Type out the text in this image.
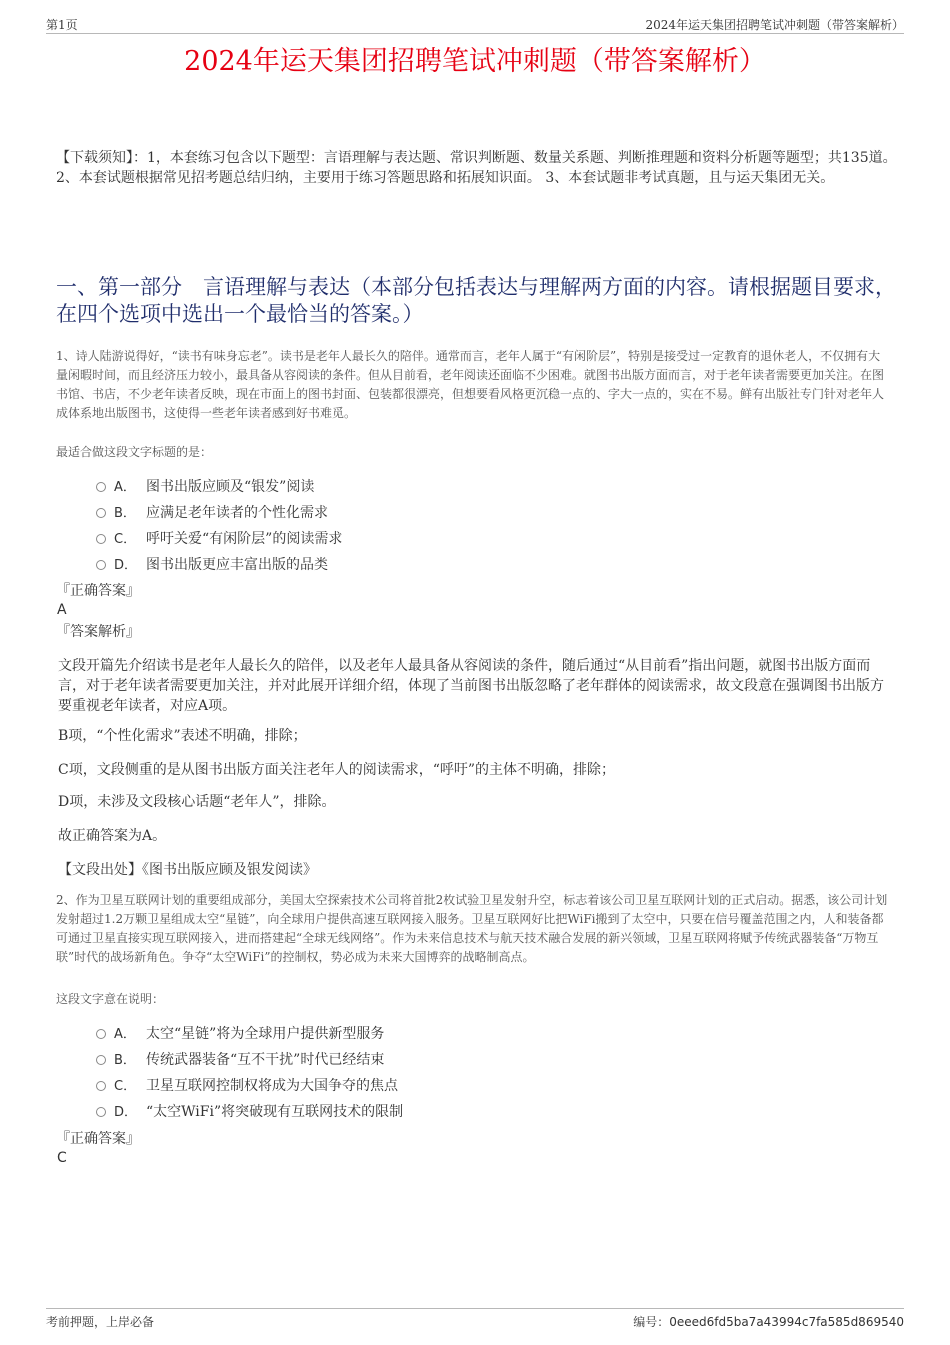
第1页	2024年运天集团招聘笔试冲刺题（带答案解析）
2024年运天集团招聘笔试冲刺题（带答案解析）
【下载须知】：1，本套练习包含以下题型：言语理解与表达题、常识判断题、数量关系题、判断推理题和资料分析题等题型；共135道。 2、本套试题根据常见招考题总结归纳，主要用于练习答题思路和拓展知识面。 3、本套试题非考试真题，且与运天集团无关。
一、第一部分　言语理解与表达（本部分包括表达与理解两方面的内容。请根据题目要求，在四个选项中选出一个最恰当的答案。）
1、诗人陆游说得好，“读书有味身忘老”。读书是老年人最长久的陪伴。通常而言，老年人属于“有闲阶层”，特别是接受过一定教育的退休老人，不仅拥有大量闲暇时间，而且经济压力较小，最具备从容阅读的条件。但从目前看，老年阅读还面临不少困难。就图书出版方面而言，对于老年读者需要更加关注。在图书馆、书店，不少老年读者反映，现在市面上的图书封面、包装都很漂亮，但想要看风格更沉稳一点的、字大一点的，实在不易。鲜有出版社专门针对老年人成体系地出版图书，这使得一些老年读者感到好书难觅。
最适合做这段文字标题的是：
A． 图书出版应顾及“银发”阅读
B． 应满足老年读者的个性化需求
C． 呼吁关爱“有闲阶层”的阅读需求
D． 图书出版更应丰富出版的品类
『正确答案』
A
『答案解析』
文段开篇先介绍读书是老年人最长久的陪伴，以及老年人最具备从容阅读的条件，随后通过“从目前看”指出问题，就图书出版方面而言，对于老年读者需要更加关注，并对此展开详细介绍，体现了当前图书出版忽略了老年群体的阅读需求，故文段意在强调图书出版方要重视老年读者，对应A项。
B项，“个性化需求”表述不明确，排除；
C项，文段侧重的是从图书出版方面关注老年人的阅读需求，“呼吁”的主体不明确，排除；
D项，未涉及文段核心话题“老年人”，排除。
故正确答案为A。
【文段出处】《图书出版应顾及银发阅读》
2、作为卫星互联网计划的重要组成部分，美国太空探索技术公司将首批2枚试验卫星发射升空，标志着该公司卫星互联网计划的正式启动。据悉，该公司计划发射超过1.2万颗卫星组成太空“星链”，向全球用户提供高速互联网接入服务。卫星互联网好比把WiFi搬到了太空中，只要在信号覆盖范围之内，人和装备都可通过卫星直接实现互联网接入，进而搭建起“全球无线网络”。作为未来信息技术与航天技术融合发展的新兴领域，卫星互联网将赋予传统武器装备“万物互联”时代的战场新角色。争夺“太空WiFi”的控制权，势必成为未来大国博弈的战略制高点。
这段文字意在说明：
A． 太空“星链”将为全球用户提供新型服务
B． 传统武器装备“互不干扰”时代已经结束
C． 卫星互联网控制权将成为大国争夺的焦点
D． “太空WiFi”将突破现有互联网技术的限制
『正确答案』
C
考前押题，上岸必备	编号：0eeed6fd5ba7a43994c7fa585d869540
